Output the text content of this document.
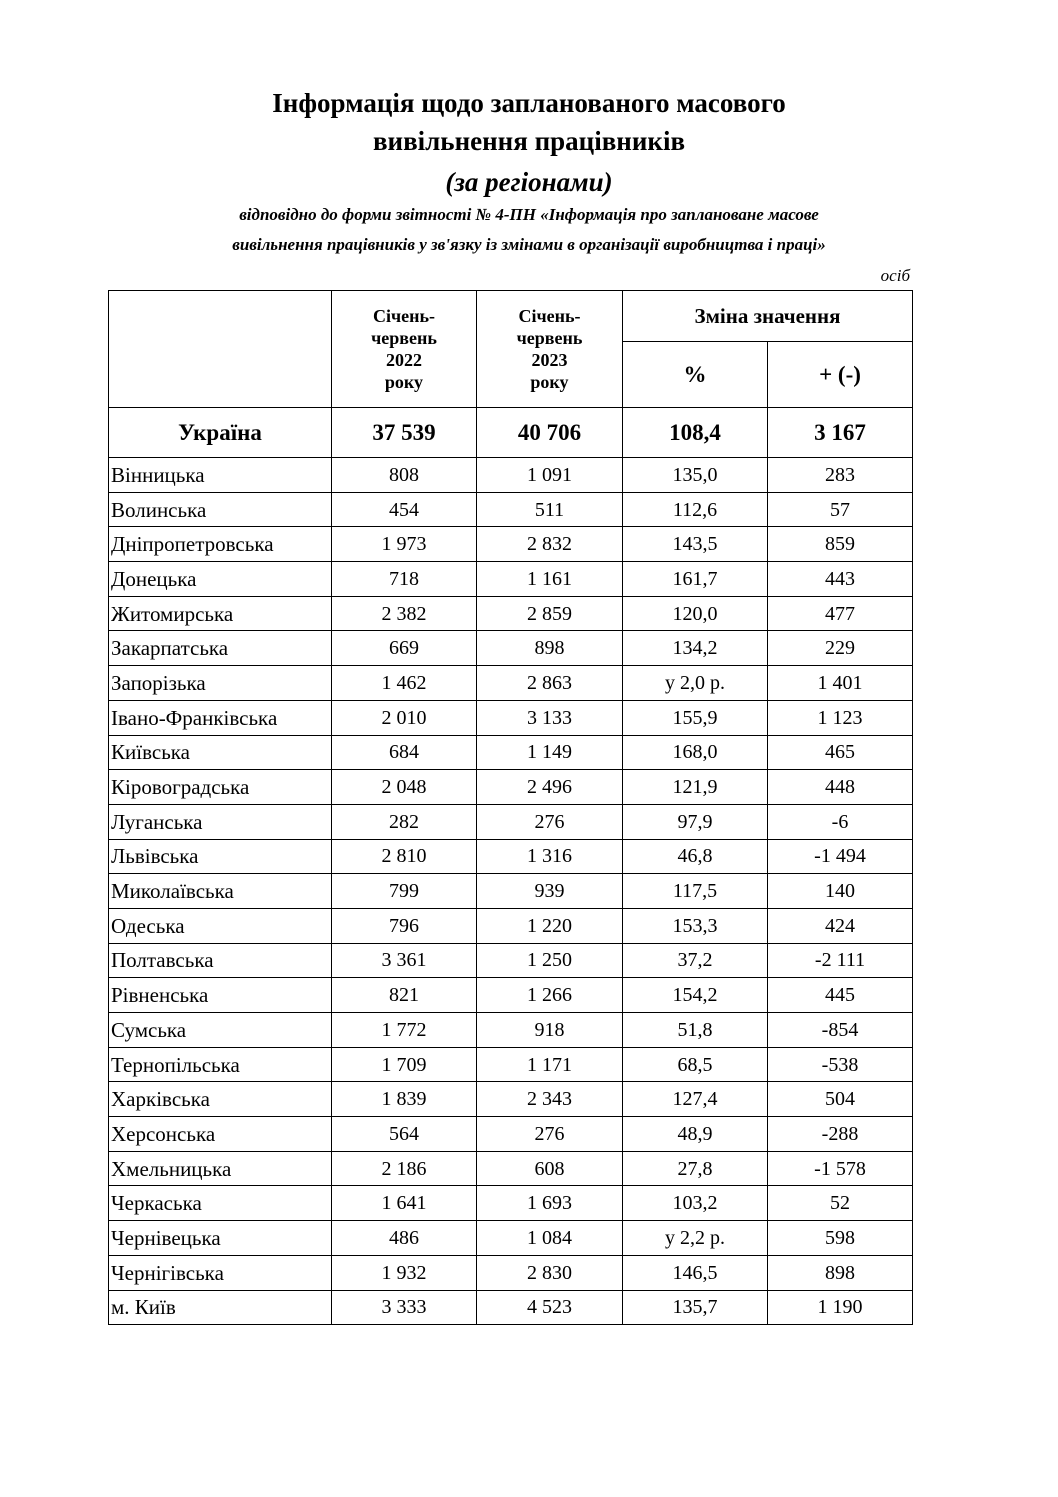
Інформація щодо запланованого масового
вивільнення працівників
(за регіонами)
відповідно до форми звітності № 4-ПН «Інформація про заплановане масове
вивільнення працівників у зв'язку із змінами в організації виробництва і праці»
осіб

	Січень-
червень
2022
року	Січень-
червень
2023
року	Зміна значення	
			%	+ (-)
Україна	37 539	40 706	108,4	3 167
Вінницька	808	1 091	135,0	283
Волинська	454	511	112,6	57
Дніпропетровська	1 973	2 832	143,5	859
Донецька	718	1 161	161,7	443
Житомирська	2 382	2 859	120,0	477
Закарпатська	669	898	134,2	229
Запорізька	1 462	2 863	у 2,0 р.	1 401
Івано-Франківська	2 010	3 133	155,9	1 123
Київська	684	1 149	168,0	465
Кіровоградська	2 048	2 496	121,9	448
Луганська	282	276	97,9	-6
Львівська	2 810	1 316	46,8	-1 494
Миколаївська	799	939	117,5	140
Одеська	796	1 220	153,3	424
Полтавська	3 361	1 250	37,2	-2 111
Рівненська	821	1 266	154,2	445
Сумська	1 772	918	51,8	-854
Тернопільська	1 709	1 171	68,5	-538
Харківська	1 839	2 343	127,4	504
Херсонська	564	276	48,9	-288
Хмельницька	2 186	608	27,8	-1 578
Черкаська	1 641	1 693	103,2	52
Чернівецька	486	1 084	у 2,2 р.	598
Чернігівська	1 932	2 830	146,5	898
м. Київ	3 333	4 523	135,7	1 190
